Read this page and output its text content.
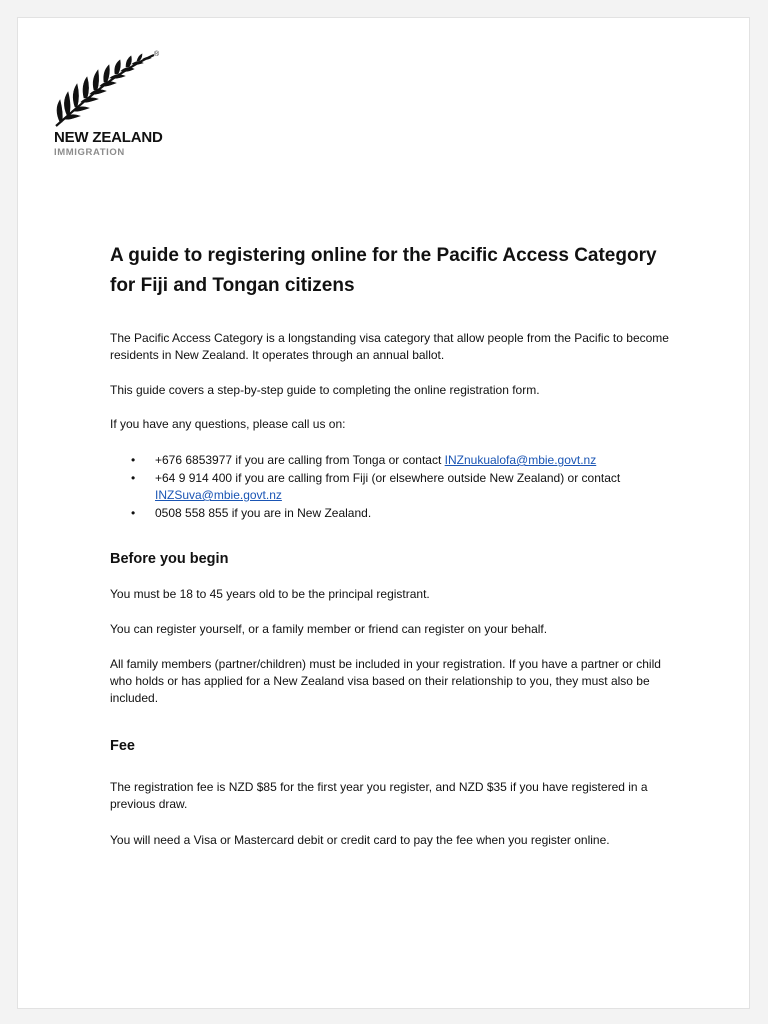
®
NEW ZEALAND
IMMIGRATION
A guide to registering online for the Pacific Access Category for Fiji and Tongan citizens

The Pacific Access Category is a longstanding visa category that allow people from the Pacific to become residents in New Zealand. It operates through an annual ballot.

This guide covers a step-by-step guide to completing the online registration form.

If you have any questions, please call us on:

• +676 6853977 if you are calling from Tonga or contact INZnukualofa@mbie.govt.nz
• +64 9 914 400 if you are calling from Fiji (or elsewhere outside New Zealand) or contact INZSuva@mbie.govt.nz
• 0508 558 855 if you are in New Zealand.
Before you begin

You must be 18 to 45 years old to be the principal registrant.

You can register yourself, or a family member or friend can register on your behalf.

All family members (partner/children) must be included in your registration. If you have a partner or child who holds or has applied for a New Zealand visa based on their relationship to you, they must also be included.

Fee

The registration fee is NZD $85 for the first year you register, and NZD $35 if you have registered in a previous draw.

You will need a Visa or Mastercard debit or credit card to pay the fee when you register online.
